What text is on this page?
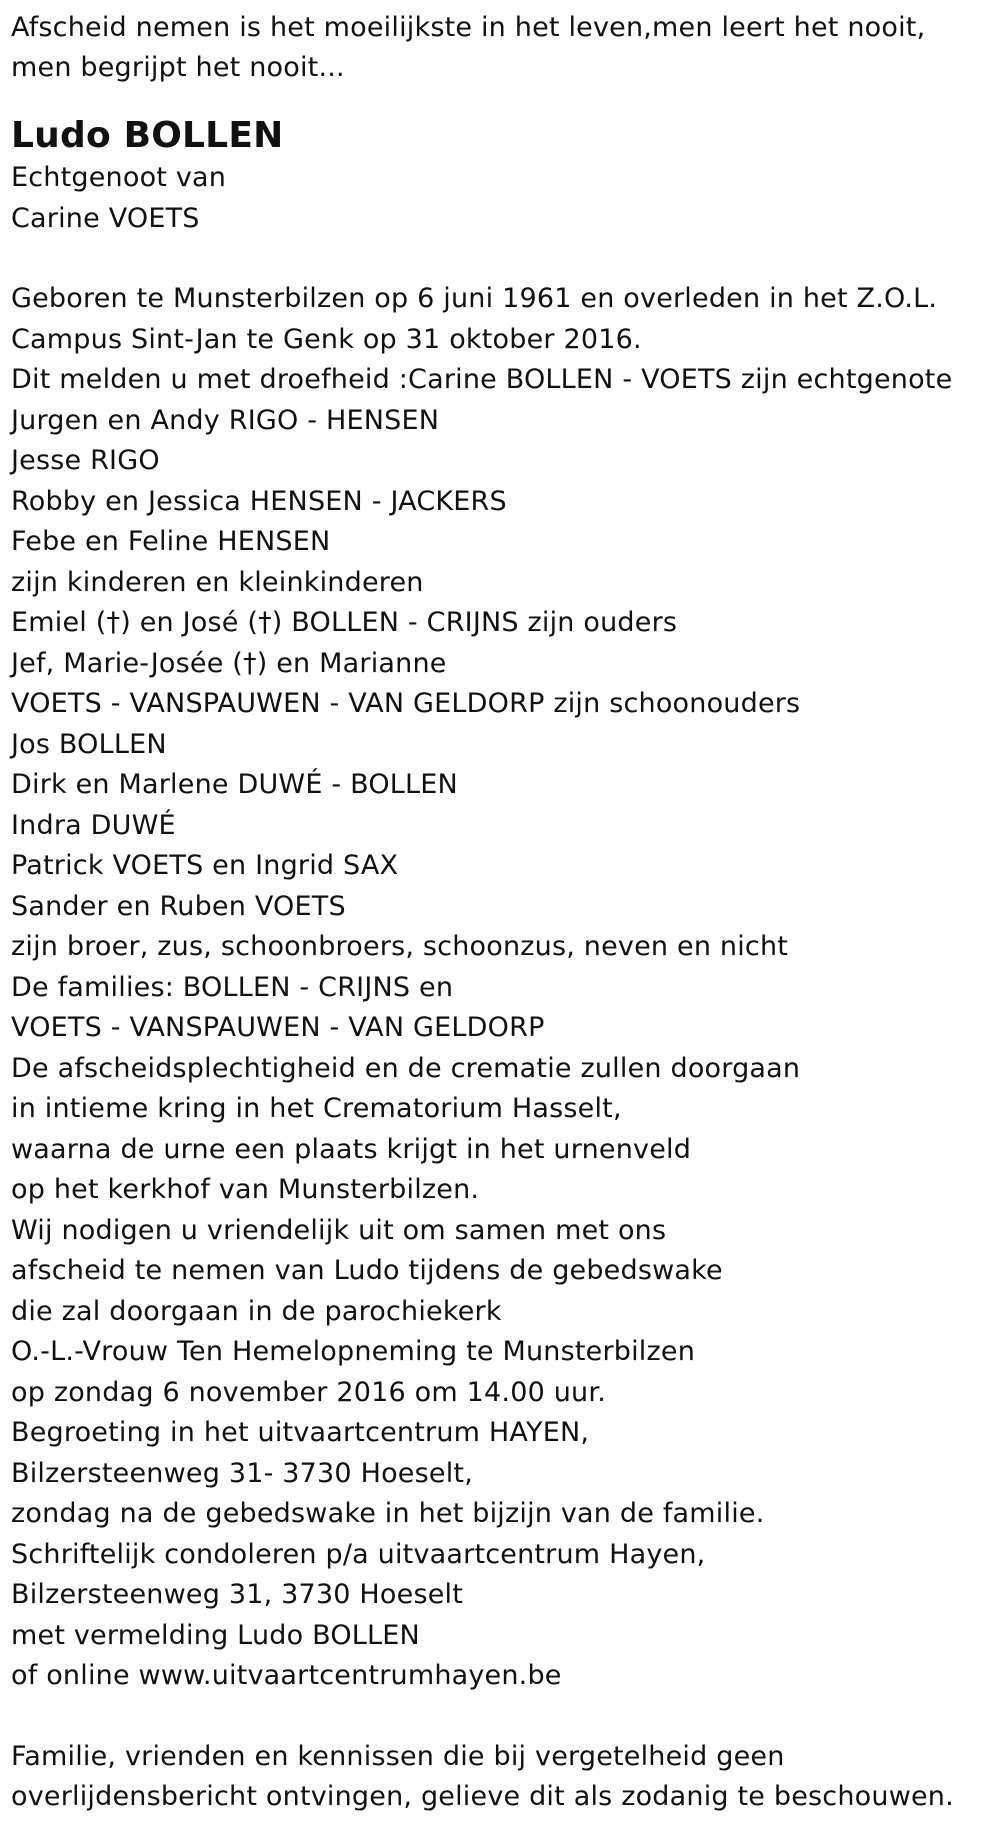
Afscheid nemen is het moeilijkste in het leven,men leert het nooit, men begrijpt het nooit...

Ludo BOLLEN
Echtgenoot van
Carine VOETS
Geboren te Munsterbilzen op 6 juni 1961 en overleden in het Z.O.L.
Campus Sint-Jan te Genk op 31 oktober 2016.
Dit melden u met droefheid :Carine BOLLEN - VOETS zijn echtgenote
Jurgen en Andy RIGO - HENSEN
Jesse RIGO
Robby en Jessica HENSEN - JACKERS
Febe en Feline HENSEN
zijn kinderen en kleinkinderen
Emiel (†) en José (†) BOLLEN - CRIJNS zijn ouders
Jef, Marie-Josée (†) en Marianne
VOETS - VANSPAUWEN - VAN GELDORP zijn schoonouders
Jos BOLLEN
Dirk en Marlene DUWÉ - BOLLEN
Indra DUWÉ
Patrick VOETS en Ingrid SAX
Sander en Ruben VOETS
zijn broer, zus, schoonbroers, schoonzus, neven en nicht
De families: BOLLEN - CRIJNS en
VOETS - VANSPAUWEN - VAN GELDORP
De afscheidsplechtigheid en de crematie zullen doorgaan
in intieme kring in het Crematorium Hasselt,
waarna de urne een plaats krijgt in het urnenveld
op het kerkhof van Munsterbilzen.
Wij nodigen u vriendelijk uit om samen met ons
afscheid te nemen van Ludo tijdens de gebedswake
die zal doorgaan in de parochiekerk
O.-L.-Vrouw Ten Hemelopneming te Munsterbilzen
op zondag 6 november 2016 om 14.00 uur.
Begroeting in het uitvaartcentrum HAYEN,
Bilzersteenweg 31- 3730 Hoeselt,
zondag na de gebedswake in het bijzijn van de familie.
Schriftelijk condoleren p/a uitvaartcentrum Hayen,
Bilzersteenweg 31, 3730 Hoeselt
met vermelding Ludo BOLLEN
of online www.uitvaartcentrumhayen.be
Familie, vrienden en kennissen die bij vergetelheid geen
overlijdensbericht ontvingen, gelieve dit als zodanig te beschouwen.
